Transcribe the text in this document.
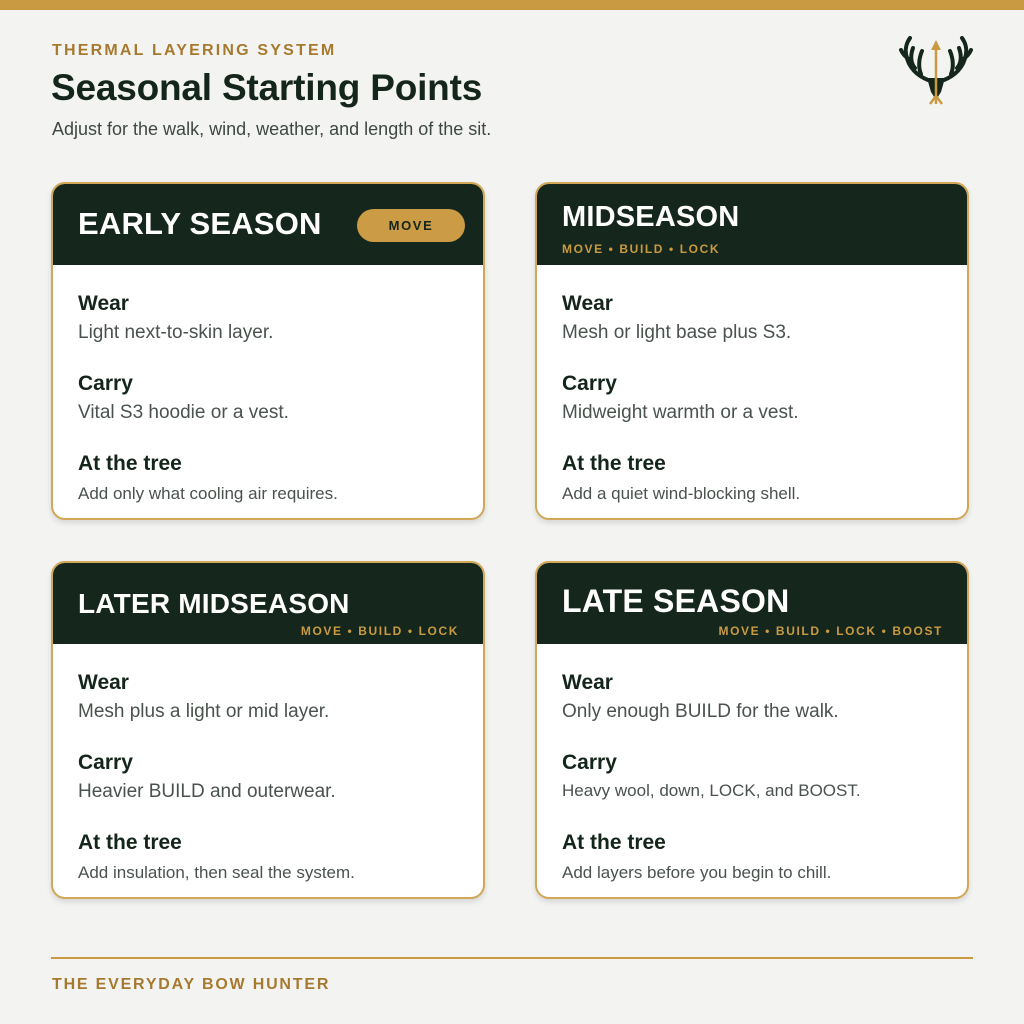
THERMAL LAYERING SYSTEM
Seasonal Starting Points
Adjust for the walk, wind, weather, and length of the sit.
EARLY SEASON	MOVE
Wear
Light next-to-skin layer.
Carry
Vital S3 hoodie or a vest.
At the tree
Add only what cooling air requires.
MIDSEASON
MOVE • BUILD • LOCK
Wear
Mesh or light base plus S3.
Carry
Midweight warmth or a vest.
At the tree
Add a quiet wind-blocking shell.
LATER MIDSEASON
MOVE • BUILD • LOCK
Wear
Mesh plus a light or mid layer.
Carry
Heavier BUILD and outerwear.
At the tree
Add insulation, then seal the system.
LATE SEASON
MOVE • BUILD • LOCK • BOOST
Wear
Only enough BUILD for the walk.
Carry
Heavy wool, down, LOCK, and BOOST.
At the tree
Add layers before you begin to chill.
THE EVERYDAY BOW HUNTER
